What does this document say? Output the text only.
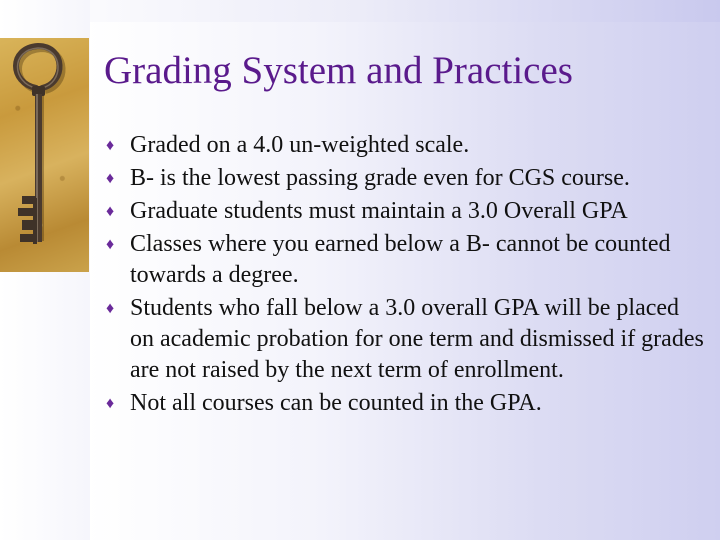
Grading System and Practices
♦ Graded on a 4.0 un-weighted scale.
♦ B- is the lowest passing grade even for CGS course.
♦ Graduate students must maintain a 3.0 Overall GPA
♦ Classes where you earned below a B- cannot be counted towards a degree.
♦ Students who fall below a 3.0 overall GPA will be placed on academic probation for one term and dismissed if grades are not raised by the next term of enrollment.
♦ Not all courses can be counted in the GPA.
